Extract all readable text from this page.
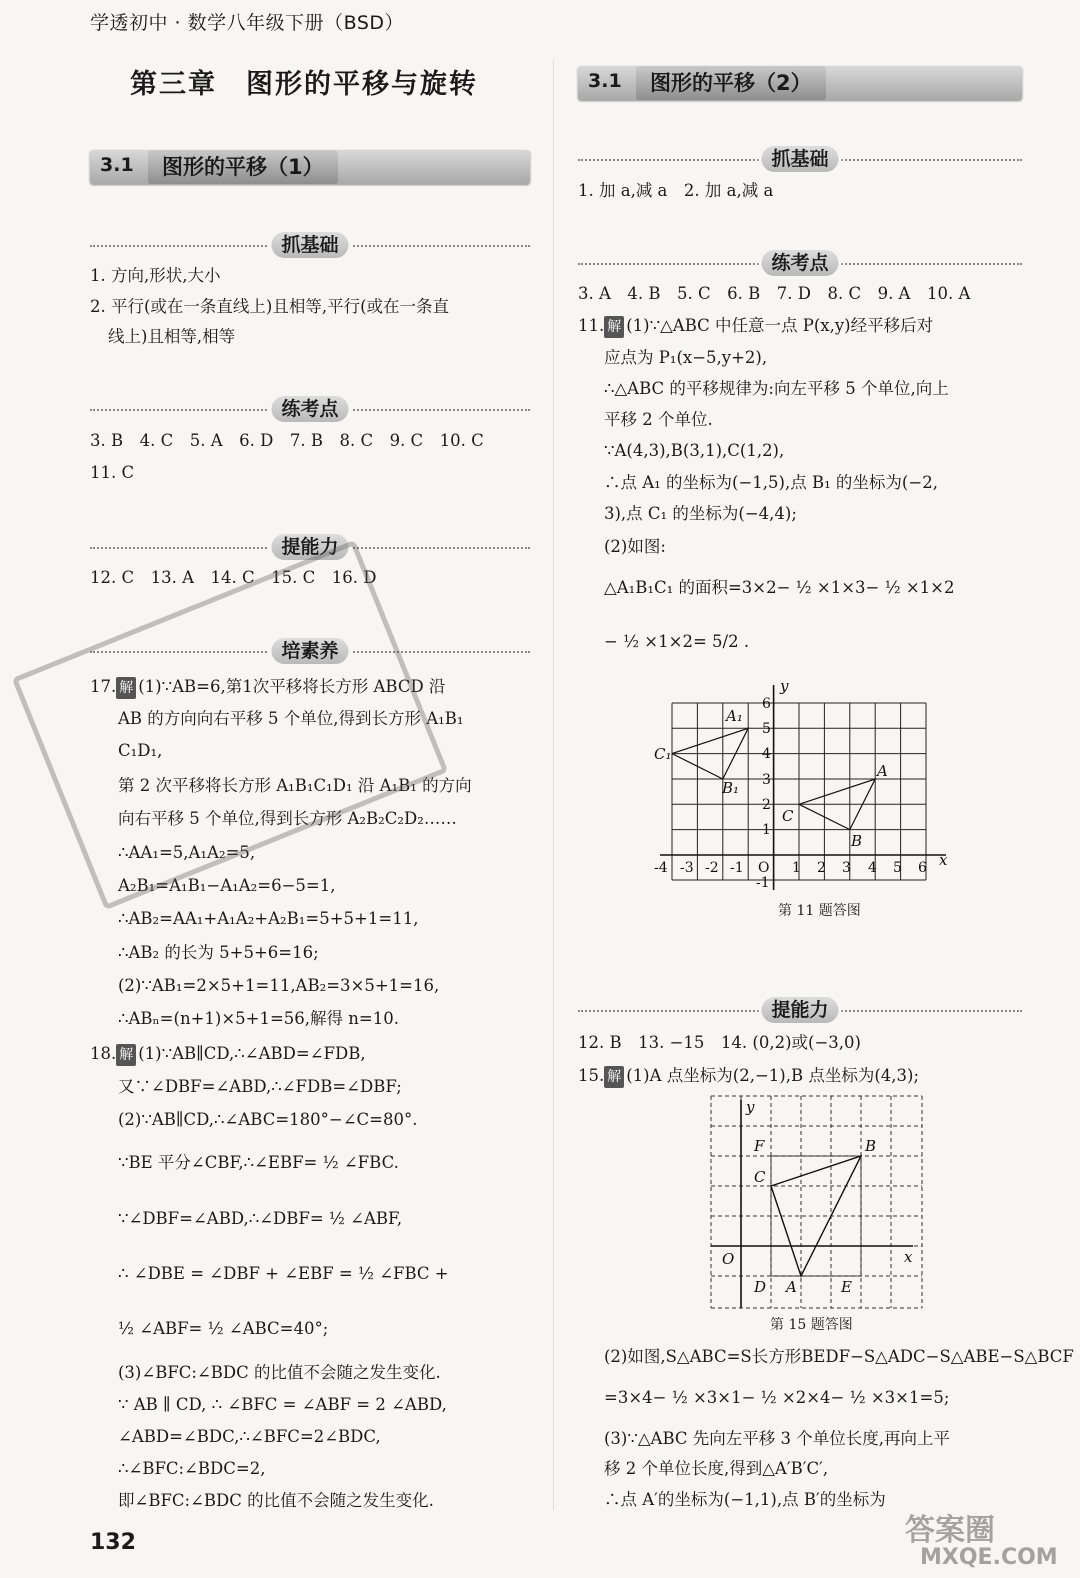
学透初中 · 数学八年级下册（BSD）
第三章　图形的平移与旋转
3.1	图形的平移（1）
抓基础
1. 方向,形状,大小
2. 平行(或在一条直线上)且相等,平行(或在一条直
线上)且相等,相等
练考点
3. B　4. C　5. A　6. D　7. B　8. C　9. C　10. C
11. C
提能力
12. C　13. A　14. C　15. C　16. D
培素养
17. 解 (1)∵AB=6,第1次平移将长方形 ABCD 沿
AB 的方向向右平移 5 个单位,得到长方形 A₁B₁
C₁D₁,
第 2 次平移将长方形 A₁B₁C₁D₁ 沿 A₁B₁ 的方向
向右平移 5 个单位,得到长方形 A₂B₂C₂D₂……
∴AA₁=5,A₁A₂=5,
A₂B₁=A₁B₁−A₁A₂=6−5=1,
∴AB₂=AA₁+A₁A₂+A₂B₁=5+5+1=11,
∴AB₂ 的长为 5+5+6=16;
(2)∵AB₁=2×5+1=11,AB₂=3×5+1=16,
∴ABₙ=(n+1)×5+1=56,解得 n=10.
18. 解 (1)∵AB∥CD,∴∠ABD=∠FDB,
又∵∠DBF=∠ABD,∴∠FDB=∠DBF;
(2)∵AB∥CD,∴∠ABC=180°−∠C=80°.
∵BE 平分∠CBF,∴∠EBF= ½ ∠FBC.
∵∠DBF=∠ABD,∴∠DBF= ½ ∠ABF,
∴ ∠DBE = ∠DBF + ∠EBF = ½ ∠FBC +
½ ∠ABF= ½ ∠ABC=40°;
(3)∠BFC:∠BDC 的比值不会随之发生变化.
∵ AB ∥ CD, ∴ ∠BFC = ∠ABF = 2 ∠ABD,
∠ABD=∠BDC,∴∠BFC=2∠BDC,
∴∠BFC:∠BDC=2,
即∠BFC:∠BDC 的比值不会随之发生变化.
3.1	图形的平移（2）
抓基础
1. 加 a,减 a　2. 加 a,减 a
练考点
3. A　4. B　5. C　6. B　7. D　8. C　9. A　10. A
11. 解 (1)∵△ABC 中任意一点 P(x,y)经平移后对
应点为 P₁(x−5,y+2),
∴△ABC 的平移规律为:向左平移 5 个单位,向上
平移 2 个单位.
∵A(4,3),B(3,1),C(1,2),
∴点 A₁ 的坐标为(−1,5),点 B₁ 的坐标为(−2,
3),点 C₁ 的坐标为(−4,4);
(2)如图:
△A₁B₁C₁ 的面积=3×2− ½ ×1×3− ½ ×1×2
− ½ ×1×2= 5/2 .
A₁
B₁
C₁
A
B
C
x
y
-4 -3 -2 -1 O 1 2 3 4 5 6
-1
1
2
3
4
5
6
第 11 题答图
提能力
12. B　13. −15　14. (0,2)或(−3,0)
15. 解 (1)A 点坐标为(2,−1),B 点坐标为(4,3);
O	x
y
F	B
C
D A	E
第 15 题答图
(2)如图,S△ABC=S长方形BEDF−S△ADC−S△ABE−S△BCF
=3×4− ½ ×3×1− ½ ×2×4− ½ ×3×1=5;
(3)∵△ABC 先向左平移 3 个单位长度,再向上平
移 2 个单位长度,得到△A′B′C′,
∴点 A′的坐标为(−1,1),点 B′的坐标为
132	答案圈
MXQE.COM
